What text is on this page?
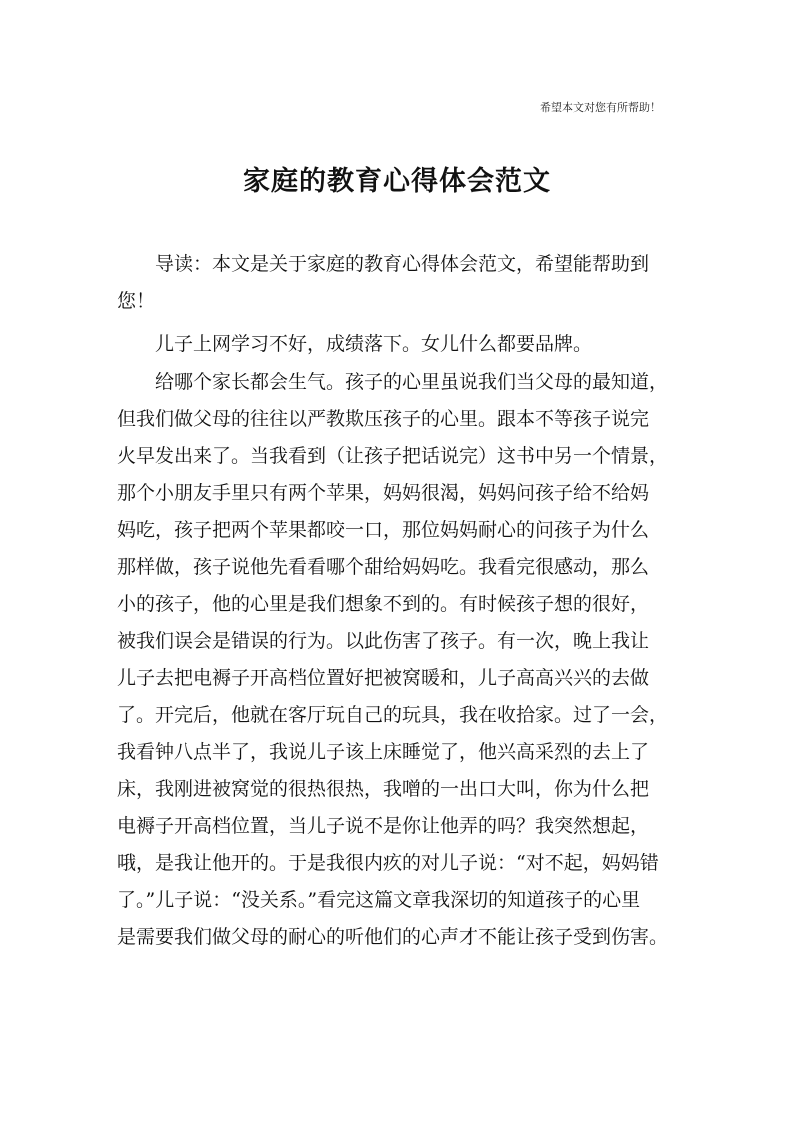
希望本文对您有所帮助！
家庭的教育心得体会范文
　　导读：本文是关于家庭的教育心得体会范文，希望能帮助到
您！
　　儿子上网学习不好，成绩落下。女儿什么都要品牌。
　　给哪个家长都会生气。孩子的心里虽说我们当父母的最知道，
但我们做父母的往往以严教欺压孩子的心里。跟本不等孩子说完
火早发出来了。当我看到（让孩子把话说完）这书中另一个情景，
那个小朋友手里只有两个苹果，妈妈很渴，妈妈问孩子给不给妈
妈吃，孩子把两个苹果都咬一口，那位妈妈耐心的问孩子为什么
那样做，孩子说他先看看哪个甜给妈妈吃。我看完很感动，那么
小的孩子，他的心里是我们想象不到的。有时候孩子想的很好，
被我们误会是错误的行为。以此伤害了孩子。有一次，晚上我让
儿子去把电褥子开高档位置好把被窝暖和，儿子高高兴兴的去做
了。开完后，他就在客厅玩自己的玩具，我在收拾家。过了一会，
我看钟八点半了，我说儿子该上床睡觉了，他兴高采烈的去上了
床，我刚进被窝觉的很热很热，我噌的一出口大叫，你为什么把
电褥子开高档位置，当儿子说不是你让他弄的吗？我突然想起，
哦，是我让他开的。于是我很内疚的对儿子说：“对不起，妈妈错
了。”儿子说：“没关系。”看完这篇文章我深切的知道孩子的心里
是需要我们做父母的耐心的听他们的心声才不能让孩子受到伤害。
